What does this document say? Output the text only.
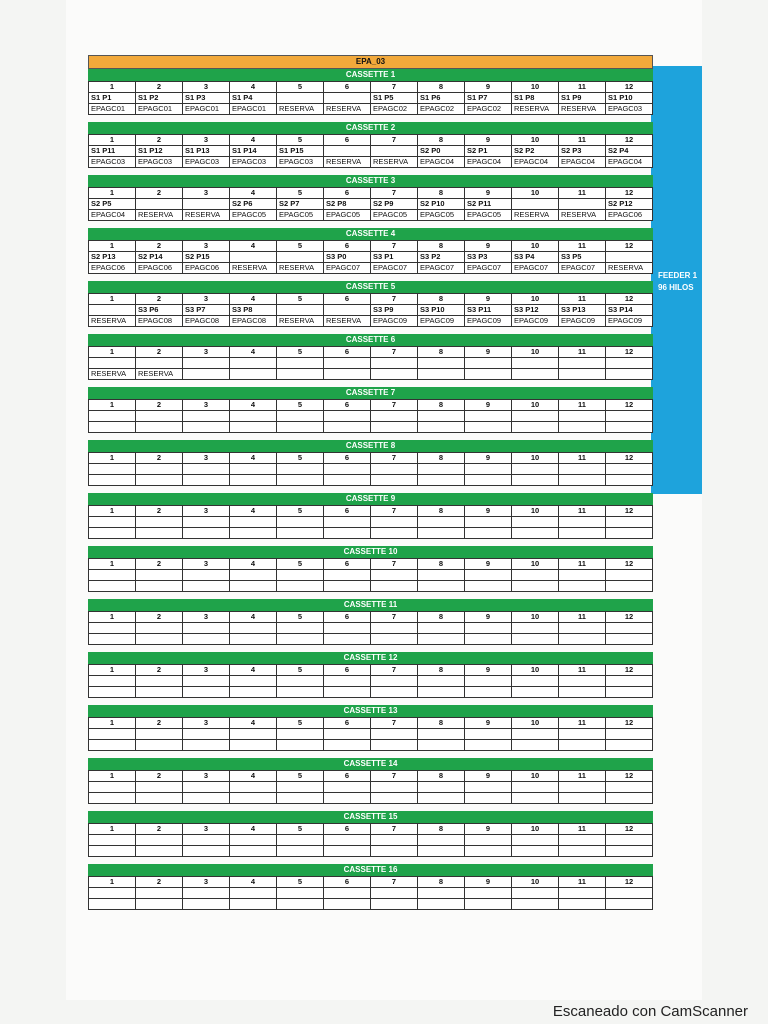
FEEDER 1
96 HILOS
EPA_03
CASSETTE 1
1	2	3	4	5	6	7	8	9	10	11	12
S1 P1	S1 P2	S1 P3	S1 P4			S1 P5	S1 P6	S1 P7	S1 P8	S1 P9	S1 P10
EPAGC01	EPAGC01	EPAGC01	EPAGC01	RESERVA	RESERVA	EPAGC02	EPAGC02	EPAGC02	RESERVA	RESERVA	EPAGC03
CASSETTE 2
1	2	3	4	5	6	7	8	9	10	11	12
S1 P11	S1 P12	S1 P13	S1 P14	S1 P15			S2 P0	S2 P1	S2 P2	S2 P3	S2 P4
EPAGC03	EPAGC03	EPAGC03	EPAGC03	EPAGC03	RESERVA	RESERVA	EPAGC04	EPAGC04	EPAGC04	EPAGC04	EPAGC04
CASSETTE 3
1	2	3	4	5	6	7	8	9	10	11	12
S2 P5			S2 P6	S2 P7	S2 P8	S2 P9	S2 P10	S2 P11			S2 P12
EPAGC04	RESERVA	RESERVA	EPAGC05	EPAGC05	EPAGC05	EPAGC05	EPAGC05	EPAGC05	RESERVA	RESERVA	EPAGC06
CASSETTE 4
1	2	3	4	5	6	7	8	9	10	11	12
S2 P13	S2 P14	S2 P15			S3 P0	S3 P1	S3 P2	S3 P3	S3 P4	S3 P5	
EPAGC06	EPAGC06	EPAGC06	RESERVA	RESERVA	EPAGC07	EPAGC07	EPAGC07	EPAGC07	EPAGC07	EPAGC07	RESERVA
CASSETTE 5
1	2	3	4	5	6	7	8	9	10	11	12
	S3 P6	S3 P7	S3 P8			S3 P9	S3 P10	S3 P11	S3 P12	S3 P13	S3 P14
RESERVA	EPAGC08	EPAGC08	EPAGC08	RESERVA	RESERVA	EPAGC09	EPAGC09	EPAGC09	EPAGC09	EPAGC09	EPAGC09
CASSETTE 6
1	2	3	4	5	6	7	8	9	10	11	12

RESERVA	RESERVA										
CASSETTE 7
1	2	3	4	5	6	7	8	9	10	11	12

CASSETTE 8
1	2	3	4	5	6	7	8	9	10	11	12

CASSETTE 9
1	2	3	4	5	6	7	8	9	10	11	12

CASSETTE 10
1	2	3	4	5	6	7	8	9	10	11	12

CASSETTE 11
1	2	3	4	5	6	7	8	9	10	11	12

CASSETTE 12
1	2	3	4	5	6	7	8	9	10	11	12

CASSETTE 13
1	2	3	4	5	6	7	8	9	10	11	12

CASSETTE 14
1	2	3	4	5	6	7	8	9	10	11	12

CASSETTE 15
1	2	3	4	5	6	7	8	9	10	11	12

CASSETTE 16
1	2	3	4	5	6	7	8	9	10	11	12

Escaneado con CamScanner
